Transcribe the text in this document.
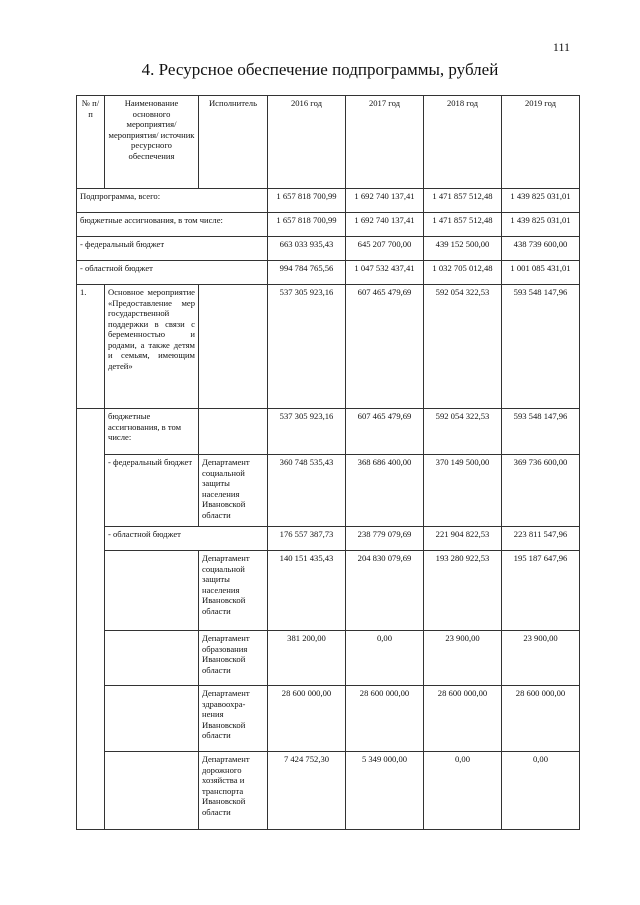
111
4. Ресурсное обеспечение подпрограммы, рублей
№ п/п	Наименование основного мероприятия/ мероприятия/ источник ресурсного обеспечения	Исполнитель	2016 год	2017 год	2018 год	2019 год
Подпрограмма, всего:			1 657 818 700,99	1 692 740 137,41	1 471 857 512,48	1 439 825 031,01
бюджетные ассигнования, в том числе:			1 657 818 700,99	1 692 740 137,41	1 471 857 512,48	1 439 825 031,01
- федеральный бюджет			663 033 935,43	645 207 700,00	439 152 500,00	438 739 600,00
- областной бюджет			994 784 765,56	1 047 532 437,41	1 032 705 012,48	1 001 085 431,01
1.	Основное мероприятие «Предоставление мер государственной поддержки в связи с беременностью и родами, а также детям и семьям, имеющим детей»		537 305 923,16	607 465 479,69	592 054 322,53	593 548 147,96
	бюджетные ассигнования, в том числе:		537 305 923,16	607 465 479,69	592 054 322,53	593 548 147,96
	- федеральный бюджет	Департамент социальной защиты населения Ивановской области	360 748 535,43	368 686 400,00	370 149 500,00	369 736 600,00
	- областной бюджет		176 557 387,73	238 779 079,69	221 904 822,53	223 811 547,96
		Департамент социальной защиты населения Ивановской области	140 151 435,43	204 830 079,69	193 280 922,53	195 187 647,96
		Департамент образования Ивановской области	381 200,00	0,00	23 900,00	23 900,00
		Департамент здравоохра-нения Ивановской области	28 600 000,00	28 600 000,00	28 600 000,00	28 600 000,00
		Департамент дорожного хозяйства и транспорта Ивановской области	7 424 752,30	5 349 000,00	0,00	0,00
